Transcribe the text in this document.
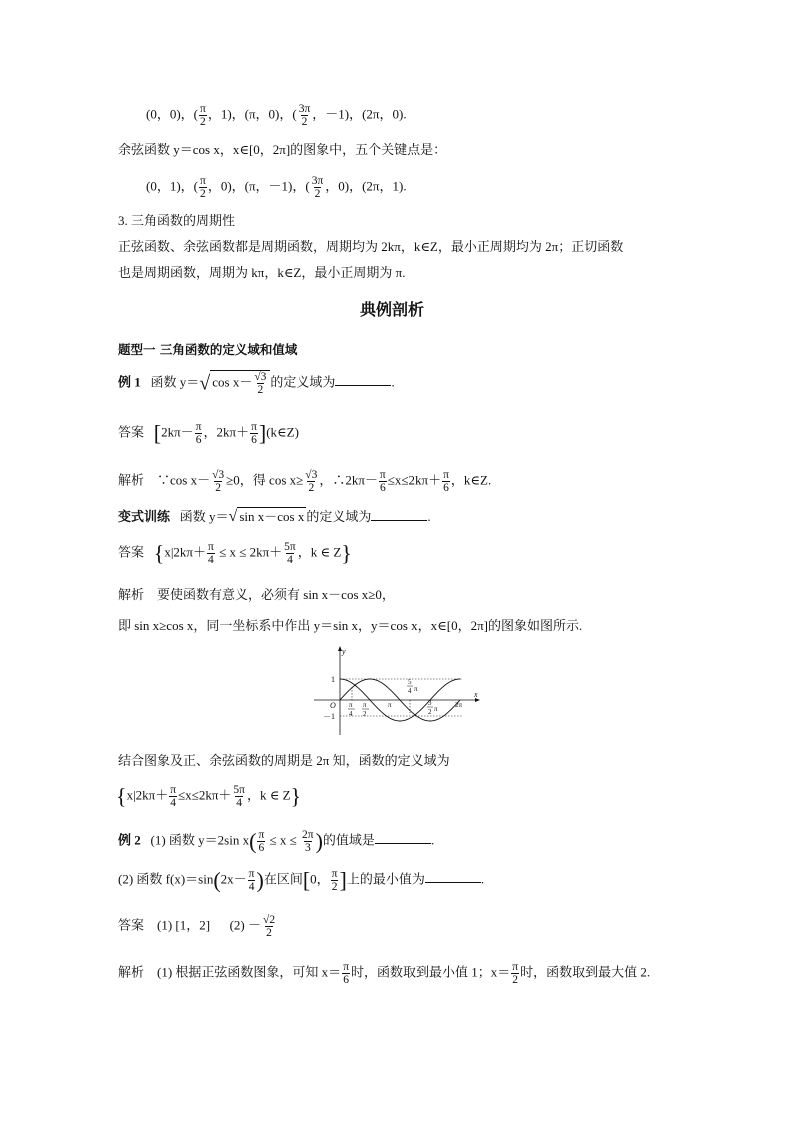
(0，0)，( $\frac{\pi}{2}$ ，1)，(π，0)，( $\frac{3\pi}{2}$ ，－1)，(2π，0).
余弦函数 y＝cos x，x∈[0，2π]的图象中，五个关键点是：
(0，1)，( $\frac{\pi}{2}$ ，0)，(π，－1)，( $\frac{3\pi}{2}$ ，0)，(2π，1).
3. 三角函数的周期性
正弦函数、余弦函数都是周期函数，周期均为 2kπ，k∈Z，最小正周期均为 2π；正切函数
也是周期函数，周期为 kπ，k∈Z，最小正周期为 π.
典例剖析
题型一 三角函数的定义域和值域
例 1 函数 y＝√ $\cos x- \frac{√3}{2}$ 的定义域为	.
答案 [$2k\pi- \frac{\pi}{6}$ ，$2k\pi+ \frac{\pi}{6}$ ](k∈Z)
解析 ∵cos $x- \frac{√3}{2} \ge 0$，得 $\cos x\ge \frac{√3}{2}$ ，∴2kπ－ $\frac{\pi}{6} \le x\le 2k\pi+ \frac{\pi}{6}$ ，k∈Z.
变式训练 函数 y＝√ sin x－cos x 的定义域为	.
答案 {$x|2k\pi+ \frac{\pi}{4} \le x \le 2k\pi+ \frac{5\pi}{4}$ ，k ∈ Z}
解析 要使函数有意义，必须有 sin x－cos x≥0，
即 sin x≥cos x，同一坐标系中作出 y＝sin x，y＝cos x，x∈[0，2π]的图象如图所示.
y
x
O
1
－1
π
4
π
2
π
5
4 π
3
2 π 2π
结合图象及正、余弦函数的周期是 2π 知，函数的定义域为
{$x|2k\pi+ \frac{\pi}{4} \le x\le 2k\pi+ \frac{5\pi}{4}$ ，k ∈ Z}
例 2 (1) 函数 y＝2sin $x( \frac{\pi}{6} \le x \le \frac{2\pi}{3}$ )的值域是	.
(2) 函数 $f(x)=\sin(2x- \frac{\pi}{4}$ )在区间[0， $\frac{\pi}{2}$ ]上的最小值为	.
答案 (1) [1，2] $(2) - \frac{√2}{2}$
解析 (1) 根据正弦函数图象，可知 $x= \frac{\pi}{6}$ 时，函数取到最小值 1；$x= \frac{\pi}{2}$ 时，函数取到最大值 2.
